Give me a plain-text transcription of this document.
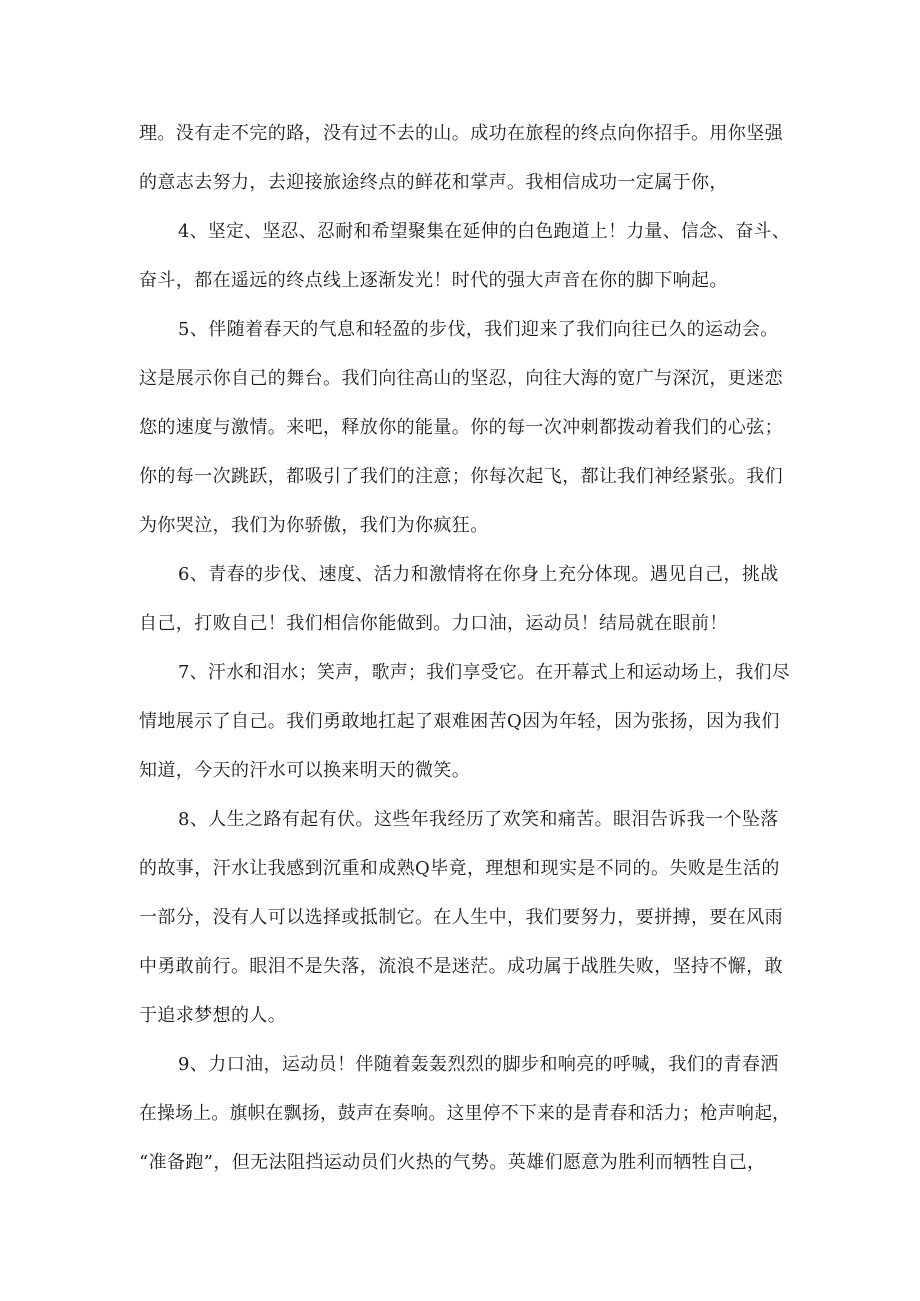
理。没有走不完的路，没有过不去的山。成功在旅程的终点向你招手。用你坚强
的意志去努力，去迎接旅途终点的鲜花和掌声。我相信成功一定属于你，
4、坚定、坚忍、忍耐和希望聚集在延伸的白色跑道上！力量、信念、奋斗、
奋斗，都在遥远的终点线上逐渐发光！时代的强大声音在你的脚下响起。
5、伴随着春天的气息和轻盈的步伐，我们迎来了我们向往已久的运动会。
这是展示你自己的舞台。我们向往高山的坚忍，向往大海的宽广与深沉，更迷恋
您的速度与激情。来吧，释放你的能量。你的每一次冲刺都拨动着我们的心弦；
你的每一次跳跃，都吸引了我们的注意；你每次起飞，都让我们神经紧张。我们
为你哭泣，我们为你骄傲，我们为你疯狂。
6、青春的步伐、速度、活力和激情将在你身上充分体现。遇见自己，挑战
自己，打败自己！我们相信你能做到。力口油，运动员！结局就在眼前！
7、汗水和泪水；笑声，歌声；我们享受它。在开幕式上和运动场上，我们尽
情地展示了自己。我们勇敢地扛起了艰难困苦Q因为年轻，因为张扬，因为我们
知道，今天的汗水可以换来明天的微笑。
8、人生之路有起有伏。这些年我经历了欢笑和痛苦。眼泪告诉我一个坠落
的故事，汗水让我感到沉重和成熟Q毕竟，理想和现实是不同的。失败是生活的
一部分，没有人可以选择或抵制它。在人生中，我们要努力，要拼搏，要在风雨
中勇敢前行。眼泪不是失落，流浪不是迷茫。成功属于战胜失败，坚持不懈，敢
于追求梦想的人。
9、力口油，运动员！伴随着轰轰烈烈的脚步和响亮的呼喊，我们的青春洒
在操场上。旗帜在飘扬，鼓声在奏响。这里停不下来的是青春和活力；枪声响起，
“准备跑”，但无法阻挡运动员们火热的气势。英雄们愿意为胜利而牺牲自己，
